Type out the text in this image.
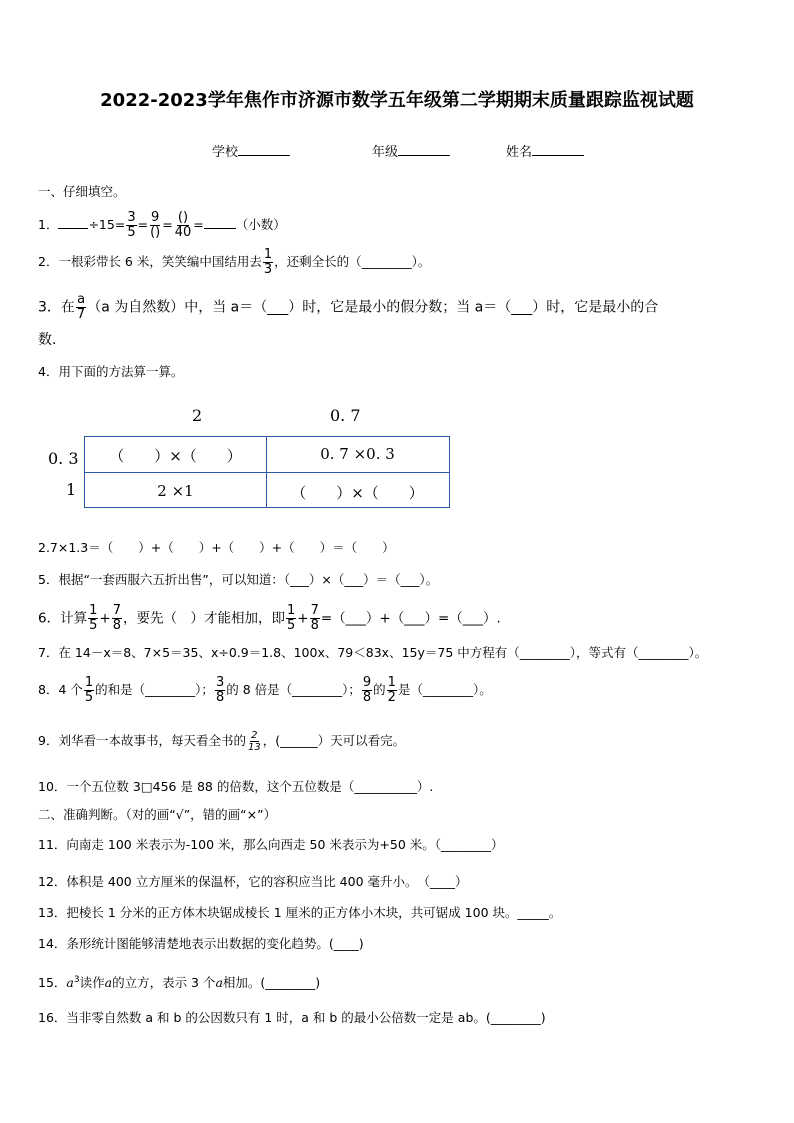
2022-2023学年焦作市济源市数学五年级第二学期期末质量跟踪监视试题
学校	年级	姓名
一、仔细填空。
1． $\div 15= \frac{3}{5} = \frac{9}{()} = \frac{()}{40}$ =	（小数）
2．一根彩带长 6 米，笑笑编中国结用去 $\frac{1}{3}$ ，还剩全长的（________）。
3．在 $\frac{a}{7} (a$ 为自然数）中，当 a＝（___）时，它是最小的假分数；当 a＝（___）时，它是最小的合
数.
4．用下面的方法算一算。
2	0. 7
0. 3
1
（　　）×（　　）	0. 7 ×0. 3
2 ×1	（　　）×（　　）
2.7×1.3＝（　　）+（　　）+（　　）+（　　）＝（　　）
5．根据“一套西服六五折出售”，可以知道：（___）×（___）＝（___）。
6．计算 $\frac{1}{5} + \frac{7}{8}$ ，要先（　）才能相加，即 $\frac{1}{5} + \frac{7}{8}$ =（___）+（___）=（___）.
7．在 14－x＝8、7×5＝35、x÷0.9＝1.8、100x、79＜83x、15y＝75 中方程有（________），等式有（________）。
8．4 个 $\frac{1}{5}$ 的和是（________）； $\frac{3}{8}$ 的 8 倍是（________）； $\frac{9}{8}$ 的 $\frac{1}{2}$ 是（________）。
9．刘华看一本故事书，每天看全书的 $\frac{2}{13}$ ，(______）天可以看完。
10．一个五位数 3□456 是 88 的倍数，这个五位数是（__________）.
二、准确判断。（对的画“√”，错的画“×”）
11．向南走 100 米表示为-100 米，那么向西走 50 米表示为+50 米。（________）
12．体积是 400 立方厘米的保温杯，它的容积应当比 400 毫升小。　（____）
13．把棱长 1 分米的正方体木块锯成棱长 1 厘米的正方体小木块，共可锯成 100 块。_____。
14．条形统计图能够清楚地表示出数据的变化趋势。(____)
15．$a^3$读作a的立方，表示 3 个a相加。(________)
16．当非零自然数 a 和 b 的公因数只有 1 时，a 和 b 的最小公倍数一定是 ab。(________)
